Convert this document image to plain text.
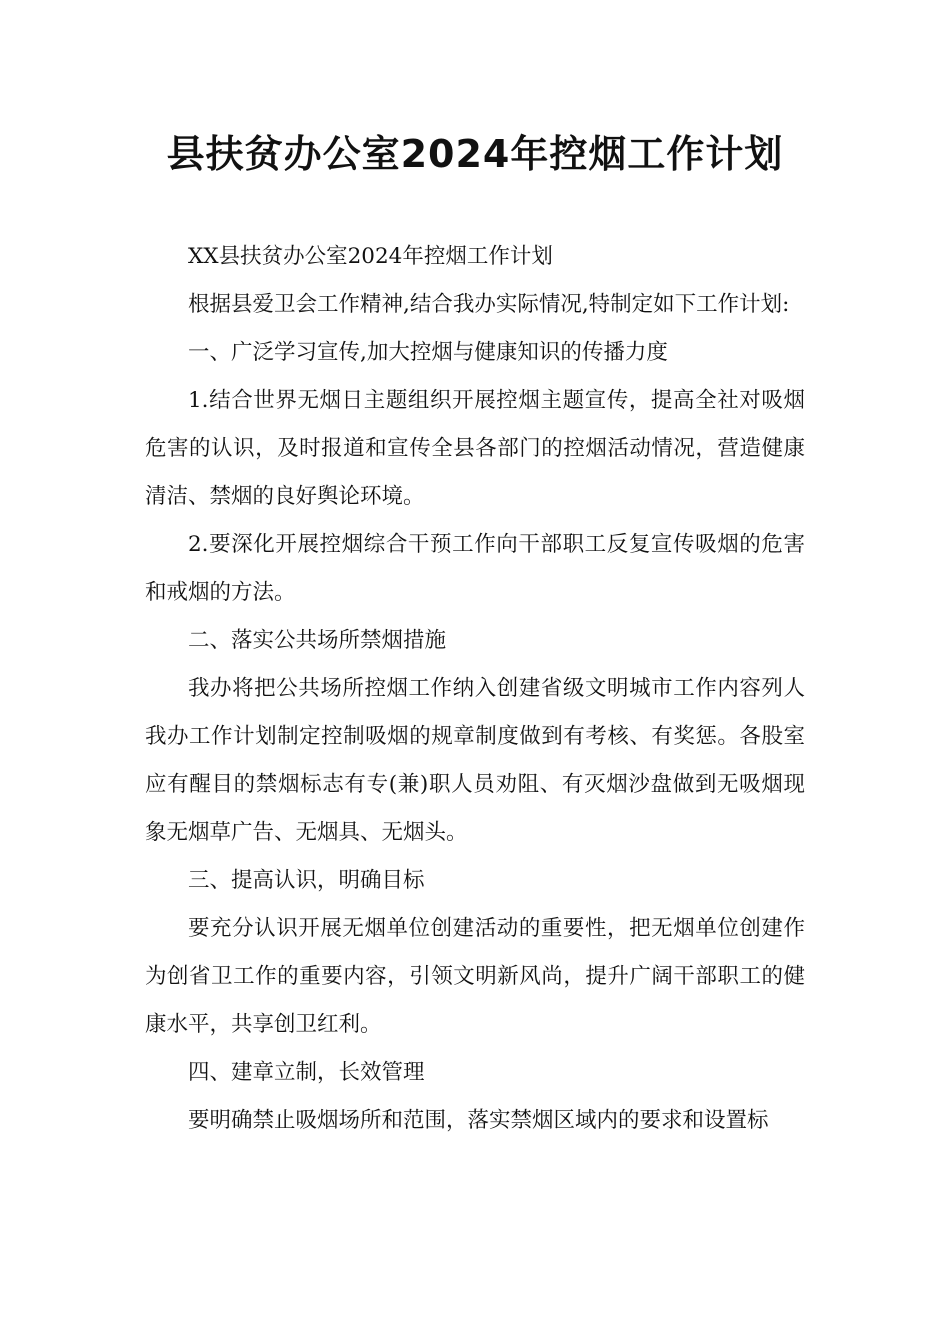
县扶贫办公室2024年控烟工作计划

XX县扶贫办公室2024年控烟工作计划

根据县爱卫会工作精神,结合我办实际情况,特制定如下工作计划:

一、广泛学习宣传,加大控烟与健康知识的传播力度

1.结合世界无烟日主题组织开展控烟主题宣传，提高全社对吸烟危害的认识，及时报道和宣传全县各部门的控烟活动情况，营造健康清洁、禁烟的良好舆论环境。

2.要深化开展控烟综合干预工作向干部职工反复宣传吸烟的危害和戒烟的方法。

二、落实公共场所禁烟措施

我办将把公共场所控烟工作纳入创建省级文明城市工作内容列人我办工作计划制定控制吸烟的规章制度做到有考核、有奖惩。各股室应有醒目的禁烟标志有专(兼)职人员劝阻、有灭烟沙盘做到无吸烟现象无烟草广告、无烟具、无烟头。

三、提高认识，明确目标

要充分认识开展无烟单位创建活动的重要性，把无烟单位创建作为创省卫工作的重要内容，引领文明新风尚，提升广阔干部职工的健康水平，共享创卫红利。

四、建章立制，长效管理

要明确禁止吸烟场所和范围，落实禁烟区域内的要求和设置标
